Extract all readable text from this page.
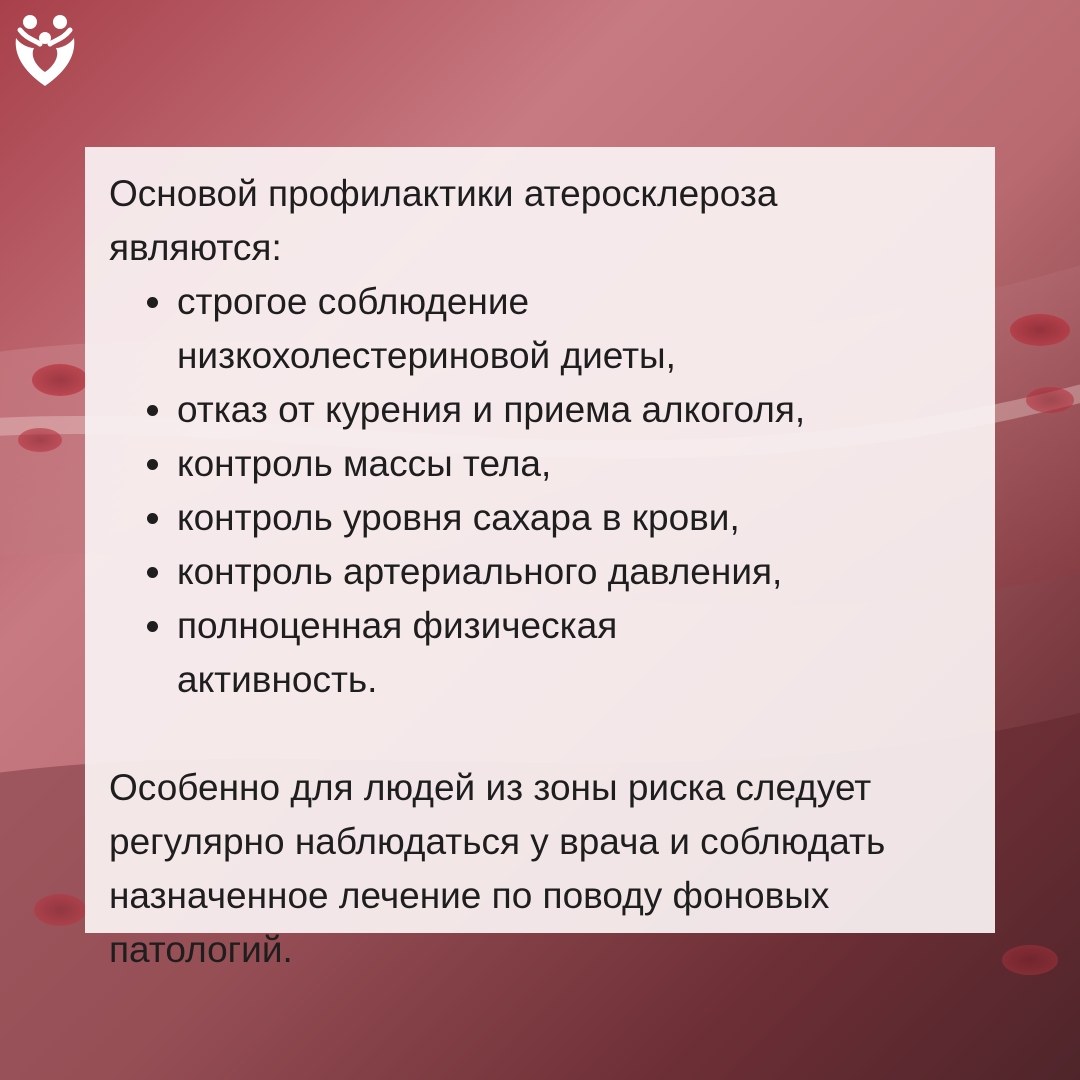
Основой профилактики атеросклероза являются:

строгое соблюдение низкохолестериновой диеты,
отказ от курения и приема алкоголя,
контроль массы тела,
контроль уровня сахара в крови,
контроль артериального давления,
полноценная физическая активность.

Особенно для людей из зоны риска следует регулярно наблюдаться у врача и соблюдать назначенное лечение по поводу фоновых патологий.
